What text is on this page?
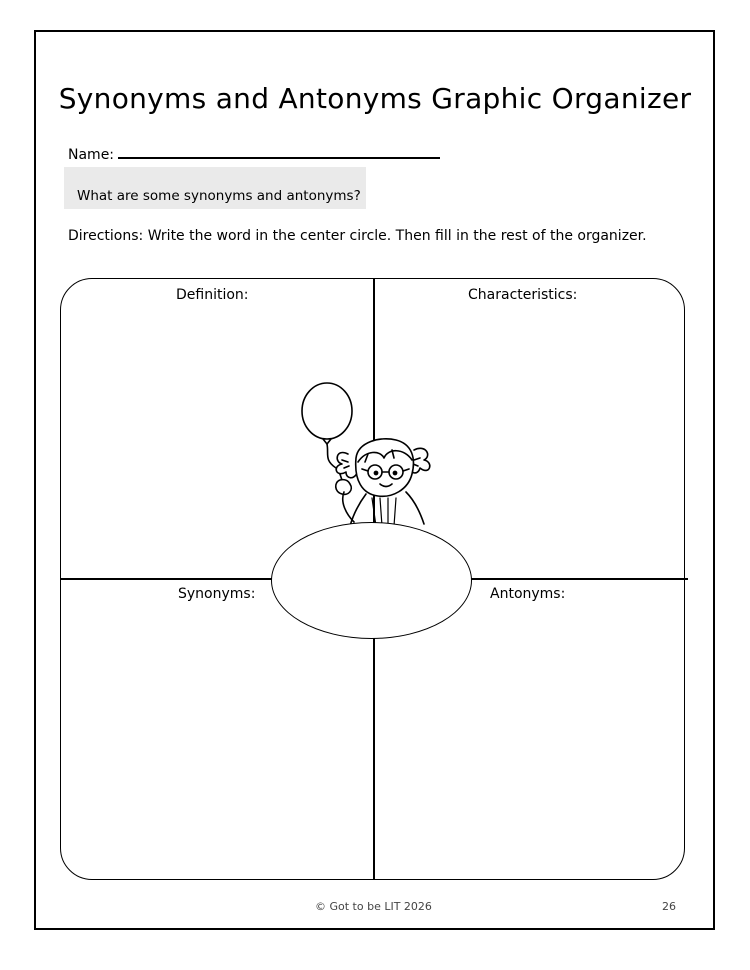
Synonyms and Antonyms Graphic Organizer
Name:
What are some synonyms and antonyms?
Directions: Write the word in the center circle. Then fill in the rest of the organizer.
Definition:	Characteristics:
Synonyms:	Antonyms:
© Got to be LIT 2026	26
